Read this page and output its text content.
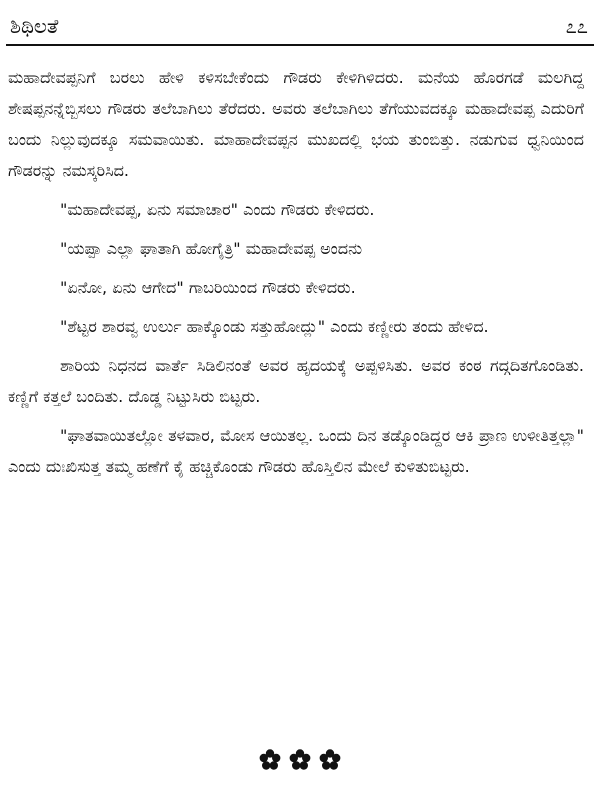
ಶಿಥಿಲತೆ	೭೭

ಮಹಾದೇವಪ್ಪನಿಗೆ ಬರಲು ಹೇಳಿ ಕಳಿಸಬೇಕೆಂದು ಗೌಡರು ಕೇಳಿಗಿಳಿದರು. ಮನೆಯ ಹೊರಗಡೆ ಮಲಗಿದ್ದ ಶೇಷಪ್ಪನನ್ನೆಬ್ಬಿಸಲು ಗೌಡರು ತಲೆಬಾಗಿಲು ತೆರೆದರು. ಅವರು ತಲೆಬಾಗಿಲು ತೆಗೆಯುವದಕ್ಕೂ ಮಹಾದೇವಪ್ಪ ಎದುರಿಗೆ ಬಂದು ನಿಲ್ಲುವುದಕ್ಕೂ ಸಮವಾಯಿತು. ಮಾಹಾದೇವಪ್ಪನ ಮುಖದಲ್ಲಿ ಭಯ ತುಂಬಿತ್ತು. ನಡುಗುವ ಧ್ವನಿಯಿಂದ ಗೌಡರನ್ನು ನಮಸ್ಕರಿಸಿದ.

"ಮಹಾದೇವಪ್ಪ, ಏನು ಸಮಾಚಾರ" ಎಂದು ಗೌಡರು ಕೇಳಿದರು.

"ಯಪ್ಪಾ ಎಲ್ಲಾ ಘಾತಾಗಿ ಹೋಗೈತ್ರಿ" ಮಹಾದೇವಪ್ಪ ಅಂದನು

"ಏನೋ, ಏನು ಆಗೇದ" ಗಾಬರಿಯಿಂದ ಗೌಡರು ಕೇಳಿದರು.

"ಶೆಟ್ಟರ ಶಾರವ್ವ ಉರ್ಲು ಹಾಕ್ಕೊಂಡು ಸತ್ತುಹೋದ್ಲು" ಎಂದು ಕಣ್ಣೀರು ತಂದು ಹೇಳಿದ.

ಶಾರಿಯ ನಿಧನದ ವಾರ್ತೆ ಸಿಡಿಲಿನಂತೆ ಅವರ ಹೃದಯಕ್ಕೆ ಅಪ್ಪಳಿಸಿತು. ಅವರ ಕಂಠ ಗದ್ಗದಿತಗೊಂಡಿತು. ಕಣ್ಣಿಗೆ ಕತ್ತಲೆ ಬಂದಿತು. ದೊಡ್ಡ ನಿಟ್ಟುಸಿರು ಬಿಟ್ಟರು.

"ಘಾತವಾಯಿತಲ್ಲೋ ತಳವಾರ, ಮೋಸ ಆಯಿತಲ್ಲ. ಒಂದು ದಿನ ತಡ್ಕೊಂಡಿದ್ದರ ಆಕಿ ಪ್ರಾಣ ಉಳೀತಿತ್ತಲ್ಲಾ" ಎಂದು ದುಃಖಿಸುತ್ತ ತಮ್ಮ ಹಣೆಗೆ ಕೈ ಹಚ್ಚಿಕೊಂಡು ಗೌಡರು ಹೊಸ್ತಿಲಿನ ಮೇಲೆ ಕುಳಿತುಬಿಟ್ಟರು.
